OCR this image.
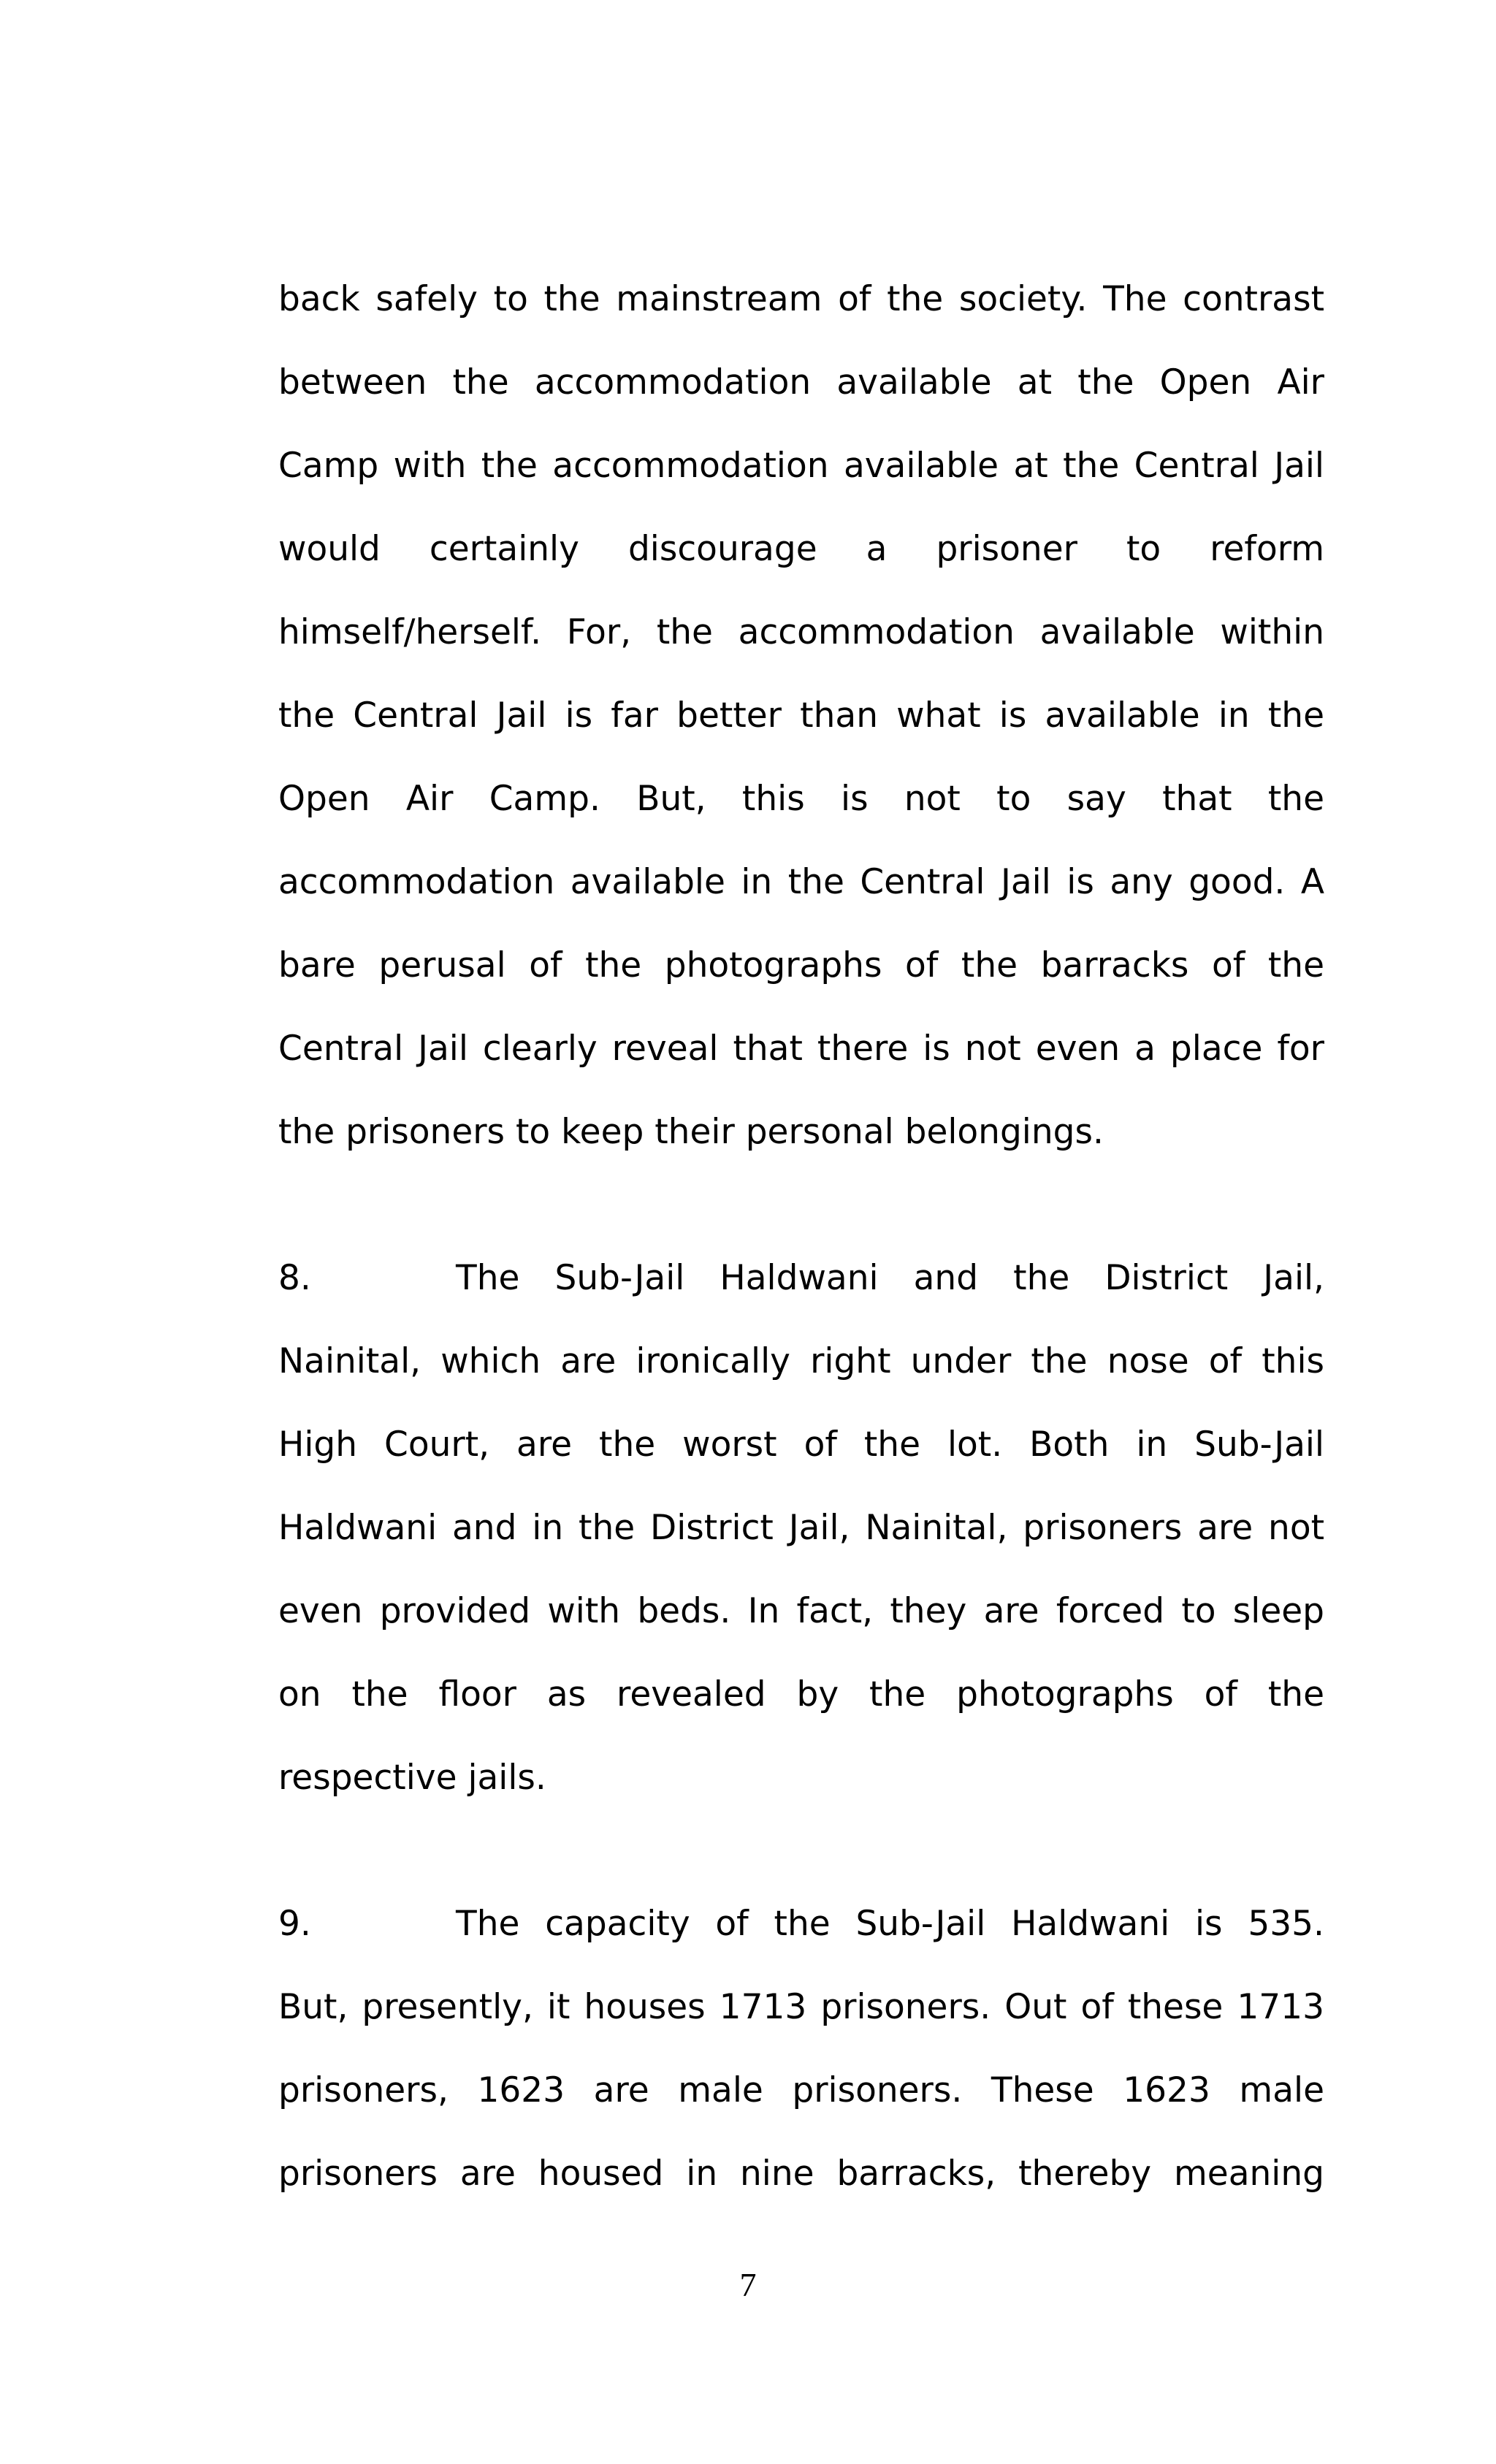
back safely to the mainstream of the society. The contrast
between the accommodation available at the Open Air
Camp with the accommodation available at the Central Jail
would certainly discourage a prisoner to reform
himself/herself. For, the accommodation available within
the Central Jail is far better than what is available in the
Open Air Camp. But, this is not to say that the
accommodation available in the Central Jail is any good. A
bare perusal of the photographs of the barracks of the
Central Jail clearly reveal that there is not even a place for
the prisoners to keep their personal belongings.
8.	The Sub-Jail Haldwani and the District Jail,
Nainital, which are ironically right under the nose of this
High Court, are the worst of the lot. Both in Sub-Jail
Haldwani and in the District Jail, Nainital, prisoners are not
even provided with beds. In fact, they are forced to sleep
on the floor as revealed by the photographs of the
respective jails.
9.	The capacity of the Sub-Jail Haldwani is 535.
But, presently, it houses 1713 prisoners. Out of these 1713
prisoners, 1623 are male prisoners. These 1623 male
prisoners are housed in nine barracks, thereby meaning
7
